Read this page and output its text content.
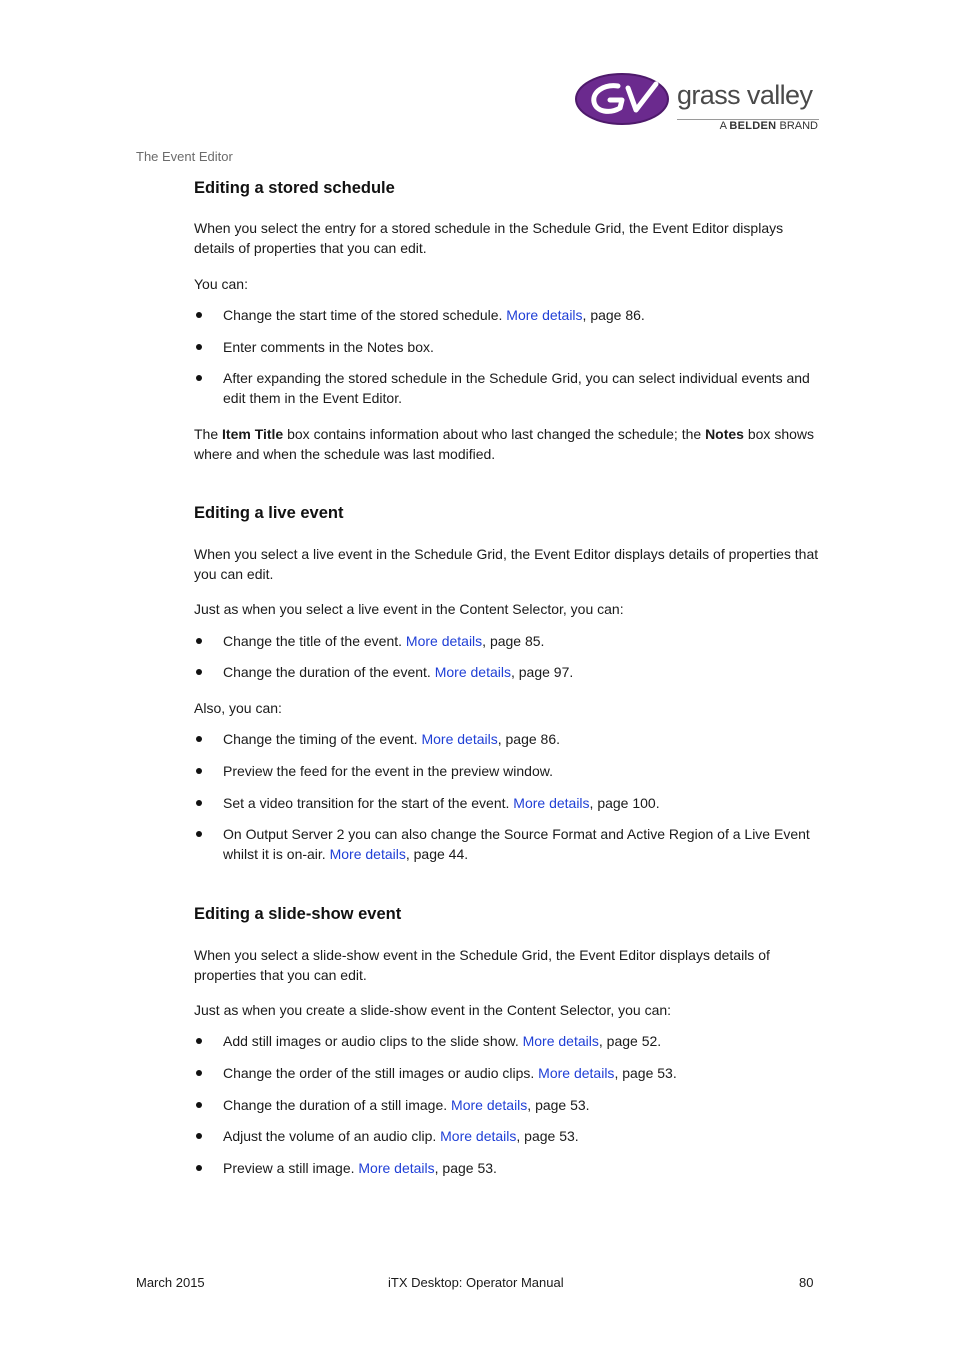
grass valley
A BELDEN BRAND
The Event Editor
Editing a stored schedule

When you select the entry for a stored schedule in the Schedule Grid, the Event Editor displays details of properties that you can edit.

You can:

Change the start time of the stored schedule. More details, page 86.
Enter comments in the Notes box.
After expanding the stored schedule in the Schedule Grid, you can select individual events and edit them in the Event Editor.

The Item Title box contains information about who last changed the schedule; the Notes box shows where and when the schedule was last modified.

Editing a live event

When you select a live event in the Schedule Grid, the Event Editor displays details of properties that you can edit.

Just as when you select a live event in the Content Selector, you can:

Change the title of the event. More details, page 85.
Change the duration of the event. More details, page 97.

Also, you can:

Change the timing of the event. More details, page 86.
Preview the feed for the event in the preview window.
Set a video transition for the start of the event. More details, page 100.
On Output Server 2 you can also change the Source Format and Active Region of a Live Event whilst it is on-air. More details, page 44.
Editing a slide-show event

When you select a slide-show event in the Schedule Grid, the Event Editor displays details of properties that you can edit.

Just as when you create a slide-show event in the Content Selector, you can:

Add still images or audio clips to the slide show. More details, page 52.
Change the order of the still images or audio clips. More details, page 53.
Change the duration of a still image. More details, page 53.
Adjust the volume of an audio clip. More details, page 53.
Preview a still image. More details, page 53.
March 2015	iTX Desktop: Operator Manual	80
